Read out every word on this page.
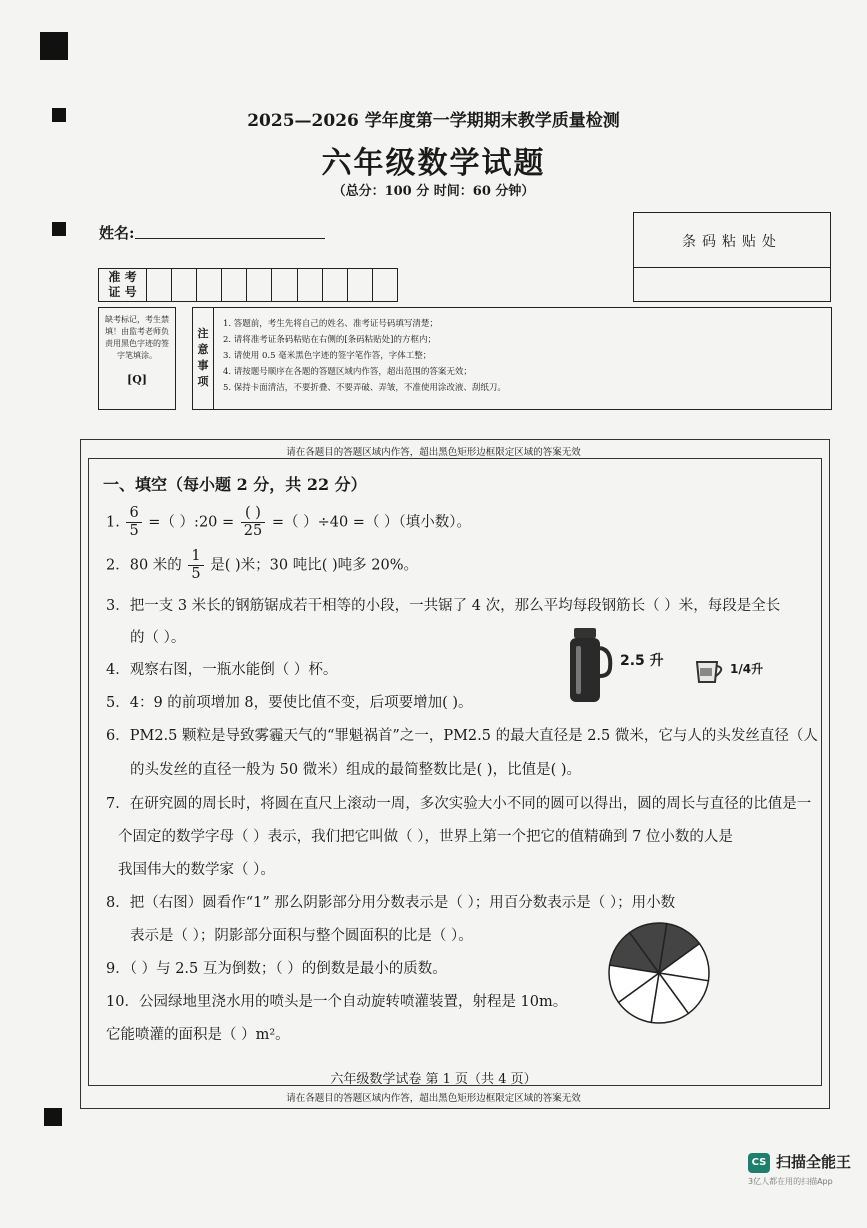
2025—2026 学年度第一学期期末教学质量检测
六年级数学试题
（总分：100 分 时间：60 分钟）
姓名:	条码粘贴处
准 考
证 号
缺考标记，考生禁填！由监考老师负责用黑色字迹的签字笔填涂。
[Q]
注意事项
1. 答题前，考生先将自己的姓名、准考证号码填写清楚；
2. 请将准考证条码粘贴在右侧的[条码粘贴处]的方框内；
3. 请使用 0.5 毫米黑色字迹的签字笔作答，字体工整；
4. 请按题号顺序在各题的答题区域内作答，超出范围的答案无效；
5. 保持卡面清洁，不要折叠、不要弄破、弄皱，不准使用涂改液、刮纸刀。
请在各题目的答题区域内作答，超出黑色矩形边框限定区域的答案无效
请在各题目的答题区域内作答，超出黑色矩形边框限定区域的答案无效
一、填空（每小题 2 分，共 22 分）
1. $\frac{6}{5}$ =（ ）:20 = $\frac{( )}{25}$ =（ ）÷40 =（ ）（填小数）。
2．80 米的 $\frac{1}{5}$ 是( )米；30 吨比( )吨多 20%。
3．把一支 3 米长的钢筋锯成若干相等的小段，一共锯了 4 次，那么平均每段钢筋长（ ）米，每段是全长
的（ ）。
4．观察右图，一瓶水能倒（ ）杯。
2.5 升	1/4升
5．4：9 的前项增加 8，要使比值不变，后项要增加( )。
6．PM2.5 颗粒是导致雾霾天气的“罪魁祸首”之一，PM2.5 的最大直径是 2.5 微米，它与人的头发丝直径（人
的头发丝的直径一般为 50 微米）组成的最简整数比是( )，比值是( )。
7．在研究圆的周长时，将圆在直尺上滚动一周，多次实验大小不同的圆可以得出，圆的周长与直径的比值是一
个固定的数学字母（ ）表示，我们把它叫做（ ），世界上第一个把它的值精确到 7 位小数的人是
我国伟大的数学家（ ）。
8．把（右图）圆看作“1” 那么阴影部分用分数表示是（ ）；用百分数表示是（ ）；用小数
表示是（ ）；阴影部分面积与整个圆面积的比是（ ）。
9．（ ）与 2.5 互为倒数；（ ）的倒数是最小的质数。
10．公园绿地里浇水用的喷头是一个自动旋转喷灌装置，射程是 10m。
它能喷灌的面积是（ ）m²。
六年级数学试卷 第 1 页（共 4 页）
CS 扫描全能王
3亿人都在用的扫描App
